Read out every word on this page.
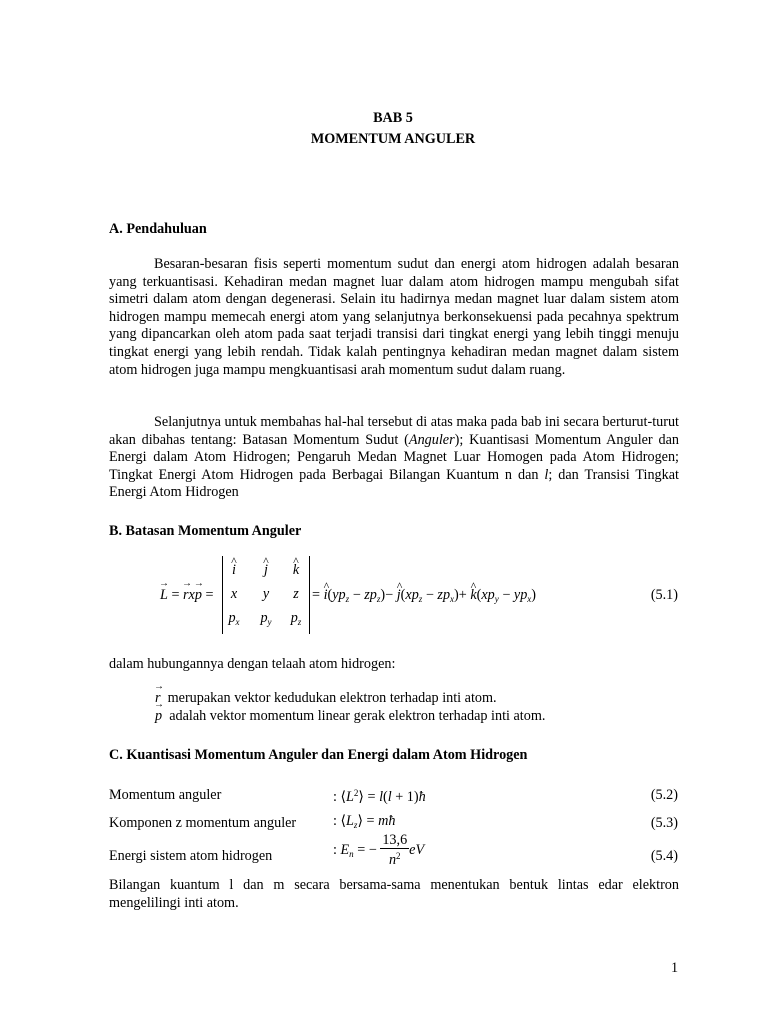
BAB 5
MOMENTUM ANGULER
A. Pendahuluan
Besaran-besaran fisis seperti momentum sudut dan energi atom hidrogen adalah besaran yang terkuantisasi. Kehadiran medan magnet luar dalam atom hidrogen mampu mengubah sifat simetri dalam atom dengan degenerasi. Selain itu hadirnya medan magnet luar dalam sistem atom hidrogen mampu memecah energi atom yang selanjutnya berkonsekuensi pada pecahnya spektrum yang dipancarkan oleh atom pada saat terjadi transisi dari tingkat energi yang lebih tinggi menuju tingkat energi yang lebih rendah. Tidak kalah pentingnya kehadiran medan magnet dalam sistem atom hidrogen juga mampu mengkuantisasi arah momentum sudut dalam ruang.
Selanjutnya untuk membahas hal-hal tersebut di atas maka pada bab ini secara berturut-turut akan dibahas tentang: Batasan Momentum Sudut (Anguler); Kuantisasi Momentum Anguler dan Energi dalam Atom Hidrogen; Pengaruh Medan Magnet Luar Homogen pada Atom Hidrogen; Tingkat Energi Atom Hidrogen pada Berbagai Bilangan Kuantum n dan l; dan Transisi Tingkat Energi Atom Hidrogen
B. Batasan Momentum Anguler
→ L = → rx→ p =
^ i	^ j	^ k
x	y	z
$p_x$	$p_y$	$p_z$
= ^ $i(yp_z - zp_z)-$ ^ $j(xp_z - zp_x)+$ ^ $k(xp_y - yp_x)$	(5.1)
dalam hubungannya dengan telaah atom hidrogen:
→ r merupakan vektor kedudukan elektron terhadap inti atom.
→ p adalah vektor momentum linear gerak elektron terhadap inti atom.
C. Kuantisasi Momentum Anguler dan Energi dalam Atom Hidrogen
Momentum anguler	: $⟨L^2⟩ = l(l$ + 1)ħ	(5.2)
Komponen z momentum anguler	: $⟨L_z⟩$ = mħ	(5.3)
Energi sistem atom hidrogen	: $E_n$ = − $\frac{13,6}{n^2}$ eV	(5.4)
Bilangan kuantum l dan m secara bersama-sama menentukan bentuk lintas edar elektron mengelilingi inti atom.
1
